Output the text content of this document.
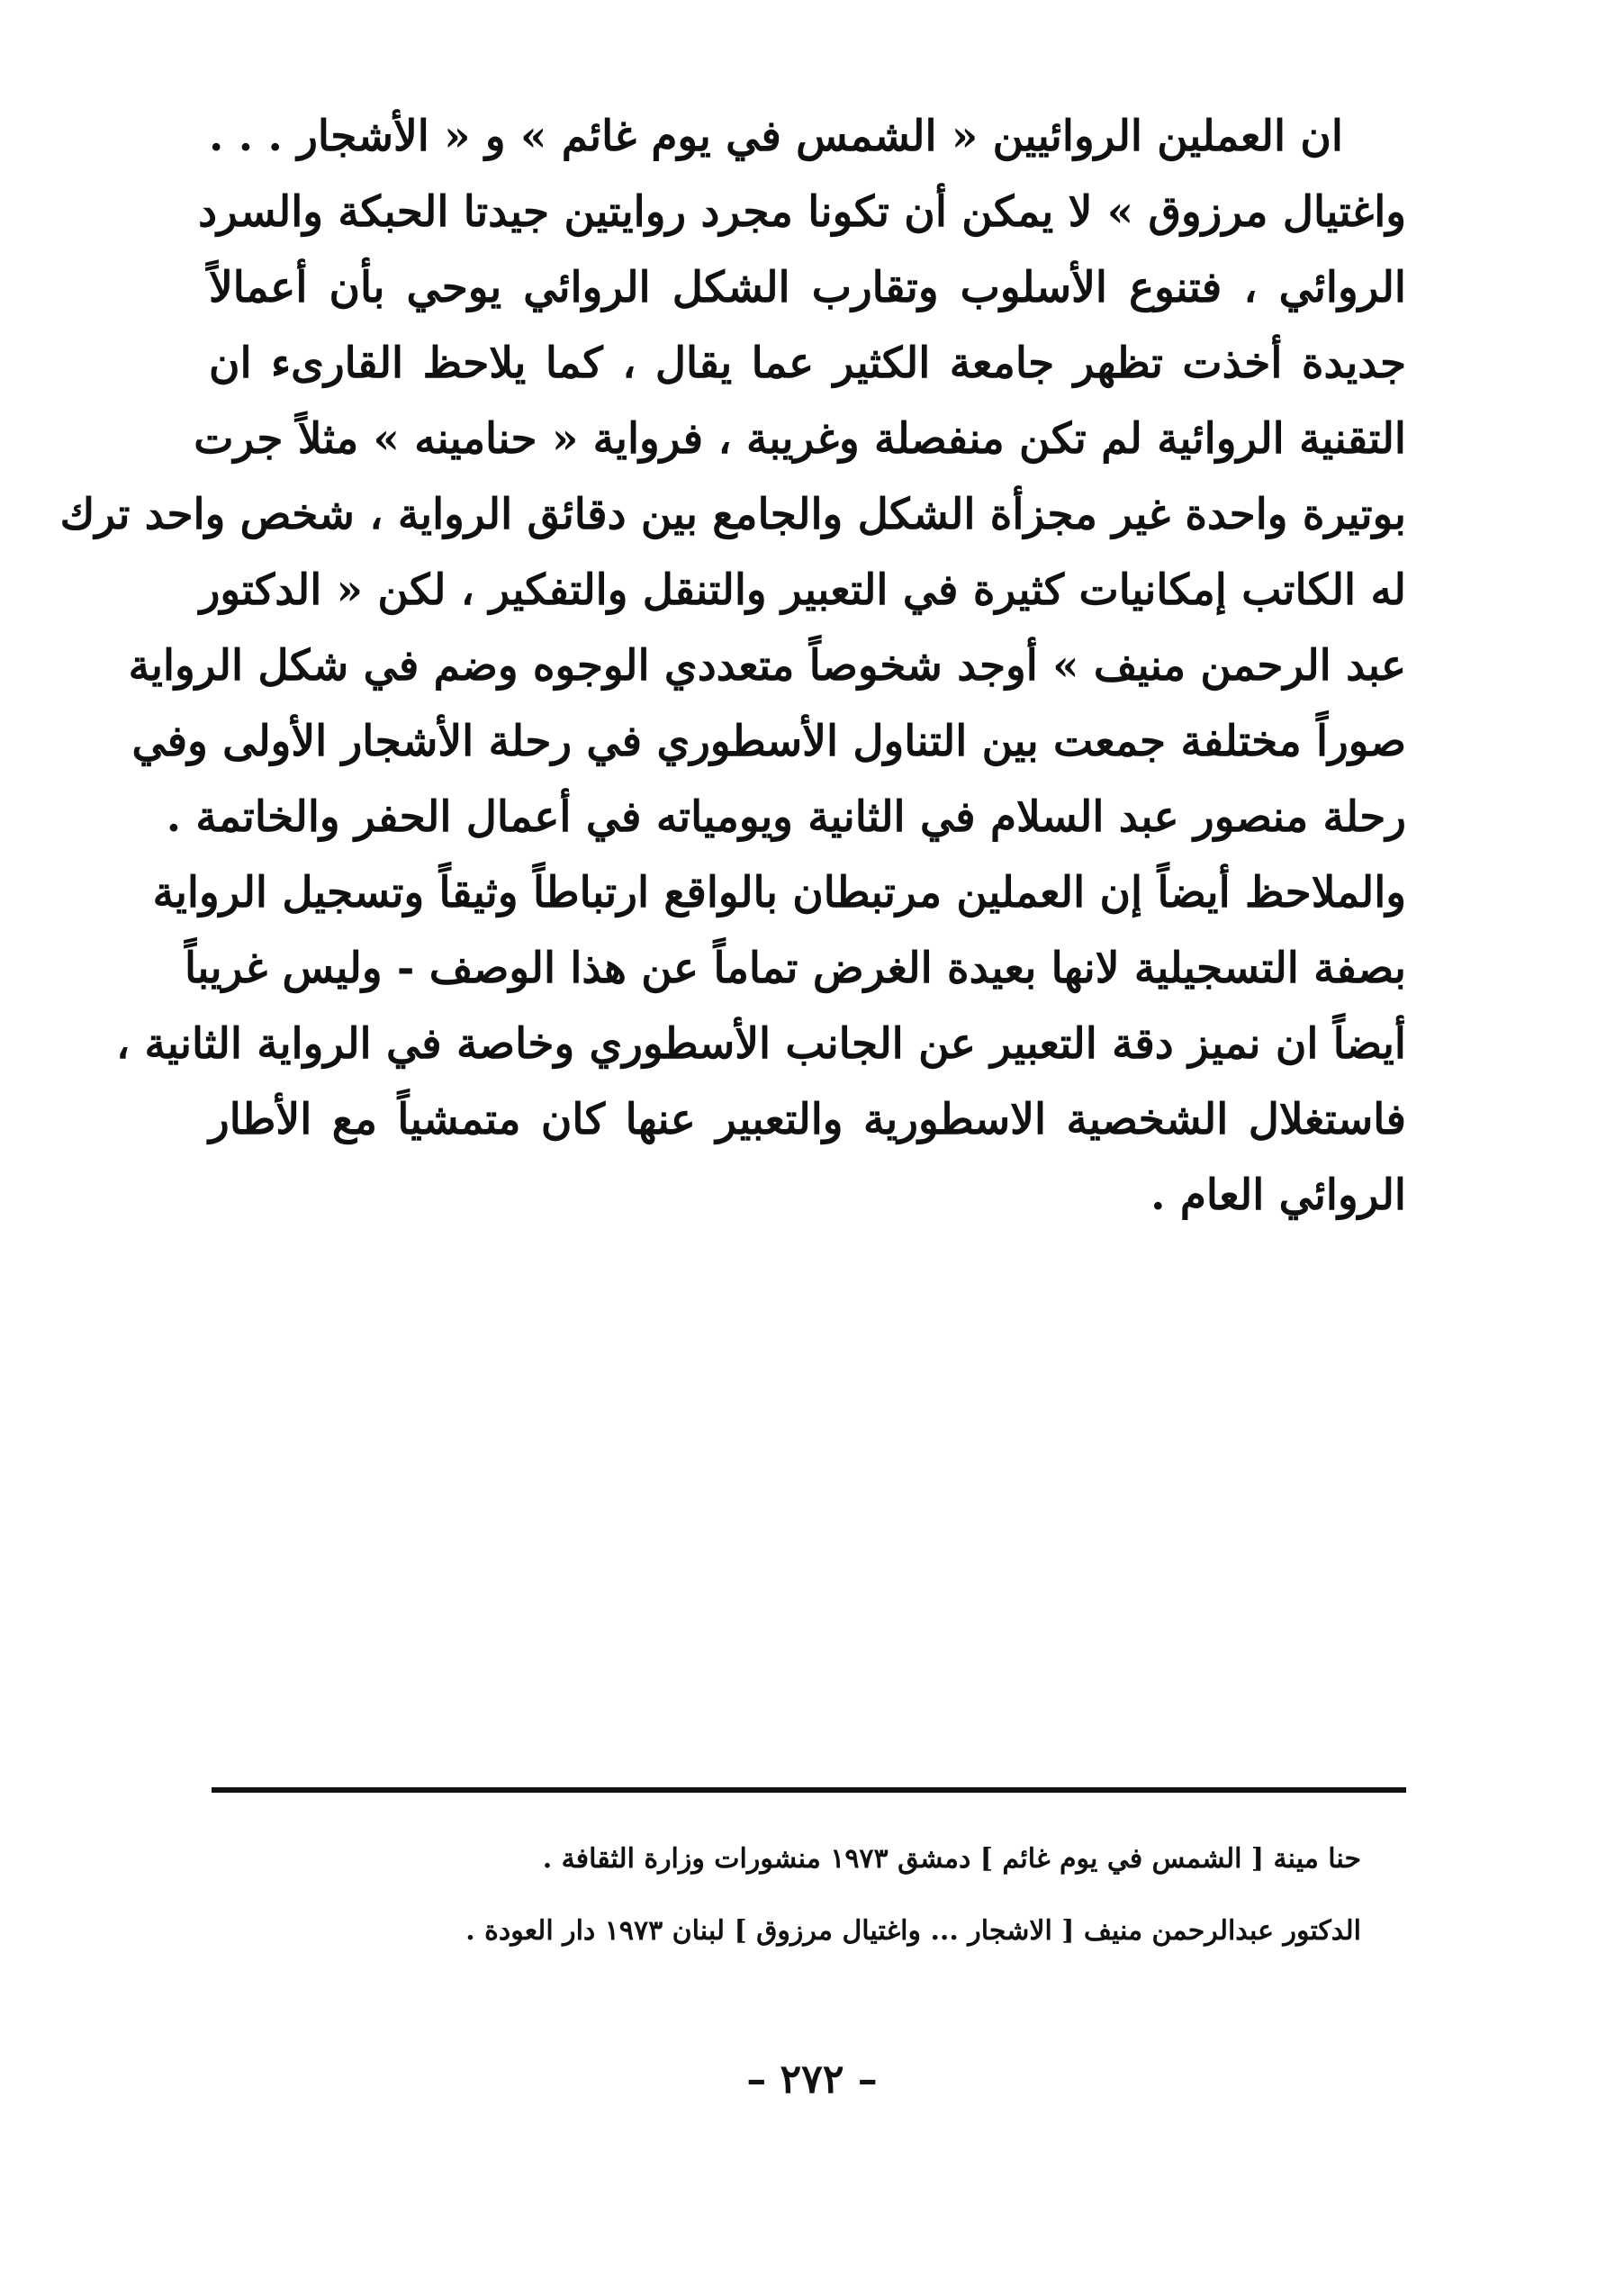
ان العملين الروائيين « الشمس في يوم غائم » و « الأشجار . . .
واغتيال مرزوق » لا يمكن أن تكونا مجرد روايتين جيدتا الحبكة والسرد
الروائي ، فتنوع الأسلوب وتقارب الشكل الروائي يوحي بأن أعمالاً
جديدة أخذت تظهر جامعة الكثير عما يقال ، كما يلاحظ القارىء ان
التقنية الروائية لم تكن منفصلة وغريبة ، فرواية « حنامينه » مثلاً جرت
بوتيرة واحدة غير مجزأة الشكل والجامع بين دقائق الرواية ، شخص واحد ترك
له الكاتب إمكانيات كثيرة في التعبير والتنقل والتفكير ، لكن « الدكتور
عبد الرحمن منيف » أوجد شخوصاً متعددي الوجوه وضم في شكل الرواية
صوراً مختلفة جمعت بين التناول الأسطوري في رحلة الأشجار الأولى وفي
رحلة منصور عبد السلام في الثانية ويومياته في أعمال الحفر والخاتمة .
والملاحظ أيضاً إن العملين مرتبطان بالواقع ارتباطاً وثيقاً وتسجيل الرواية
بصفة التسجيلية لانها بعيدة الغرض تماماً عن هذا الوصف - وليس غريباً
أيضاً ان نميز دقة التعبير عن الجانب الأسطوري وخاصة في الرواية الثانية ،
فاستغلال الشخصية الاسطورية والتعبير عنها كان متمشياً مع الأطار
الروائي العام .
حنا مينة [ الشمس في يوم غائم ] دمشق ١٩٧٣ منشورات وزارة الثقافة .
الدكتور عبدالرحمن منيف [ الاشجار ... واغتيال مرزوق ] لبنان ١٩٧٣ دار العودة .
– ٢٧٢ –
